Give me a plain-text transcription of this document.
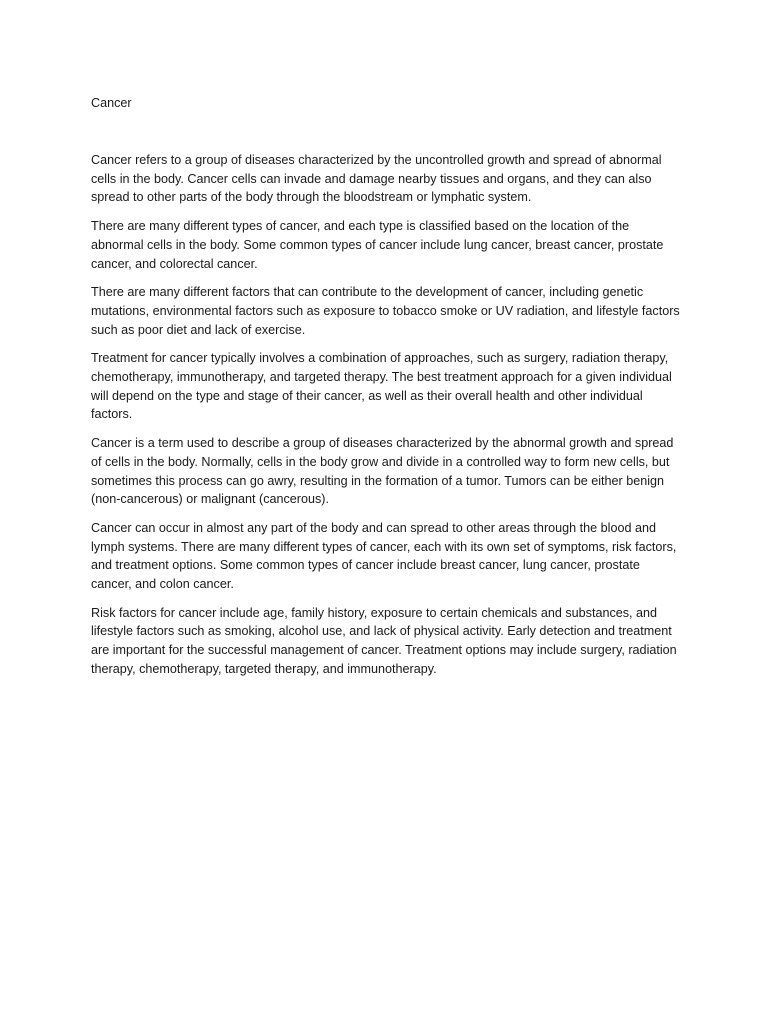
Cancer

Cancer refers to a group of diseases characterized by the uncontrolled growth and spread of abnormal cells in the body. Cancer cells can invade and damage nearby tissues and organs, and they can also spread to other parts of the body through the bloodstream or lymphatic system.

There are many different types of cancer, and each type is classified based on the location of the abnormal cells in the body. Some common types of cancer include lung cancer, breast cancer, prostate cancer, and colorectal cancer.

There are many different factors that can contribute to the development of cancer, including genetic mutations, environmental factors such as exposure to tobacco smoke or UV radiation, and lifestyle factors such as poor diet and lack of exercise.

Treatment for cancer typically involves a combination of approaches, such as surgery, radiation therapy, chemotherapy, immunotherapy, and targeted therapy. The best treatment approach for a given individual will depend on the type and stage of their cancer, as well as their overall health and other individual factors.

Cancer is a term used to describe a group of diseases characterized by the abnormal growth and spread of cells in the body. Normally, cells in the body grow and divide in a controlled way to form new cells, but sometimes this process can go awry, resulting in the formation of a tumor. Tumors can be either benign (non-cancerous) or malignant (cancerous).

Cancer can occur in almost any part of the body and can spread to other areas through the blood and lymph systems. There are many different types of cancer, each with its own set of symptoms, risk factors, and treatment options. Some common types of cancer include breast cancer, lung cancer, prostate cancer, and colon cancer.

Risk factors for cancer include age, family history, exposure to certain chemicals and substances, and lifestyle factors such as smoking, alcohol use, and lack of physical activity. Early detection and treatment are important for the successful management of cancer. Treatment options may include surgery, radiation therapy, chemotherapy, targeted therapy, and immunotherapy.
